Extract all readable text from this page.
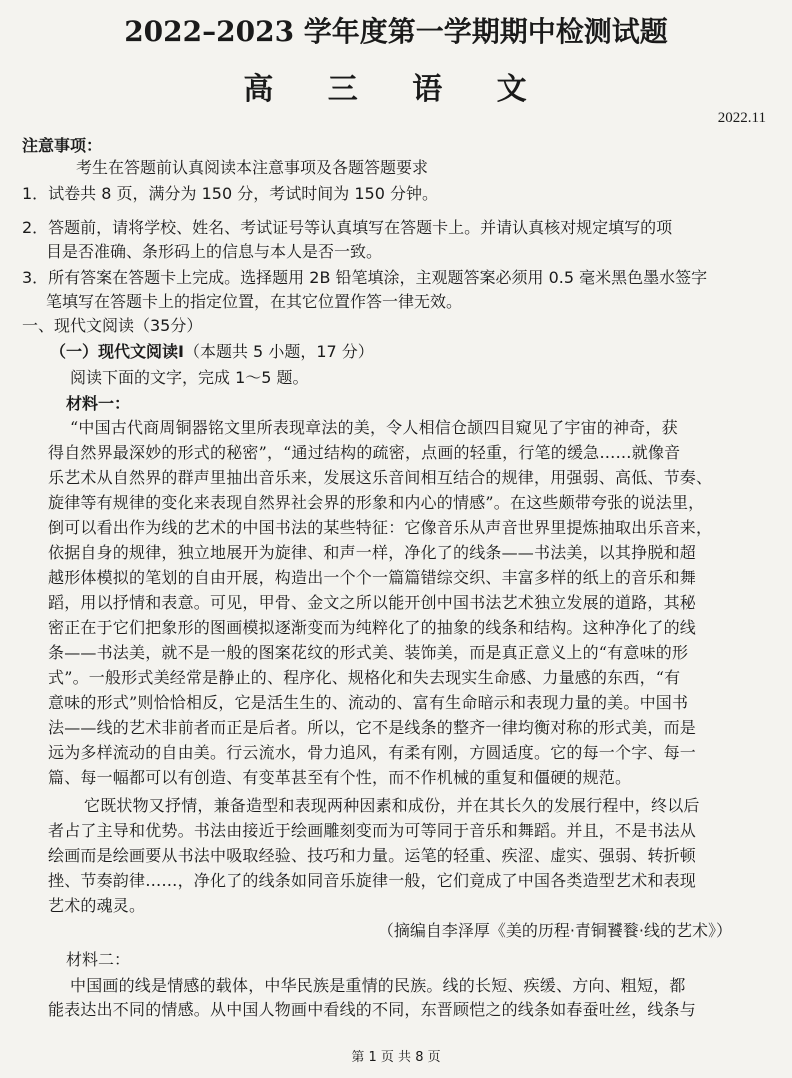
2022–2023 学年度第一学期期中检测试题
高 三 语 文
2022.11
注意事项：
考生在答题前认真阅读本注意事项及各题答题要求
1．试卷共 8 页，满分为 150 分，考试时间为 150 分钟。
2．答题前，请将学校、姓名、考试证号等认真填写在答题卡上。并请认真核对规定填写的项
目是否准确、条形码上的信息与本人是否一致。
3．所有答案在答题卡上完成。选择题用 2B 铅笔填涂，主观题答案必须用 0.5 毫米黑色墨水签字
笔填写在答题卡上的指定位置，在其它位置作答一律无效。
一、现代文阅读（35分）
（一）现代文阅读Ⅰ（本题共 5 小题，17 分）
阅读下面的文字，完成 1～5 题。
材料一：
“中国古代商周铜器铭文里所表现章法的美，令人相信仓颉四目窥见了宇宙的神奇，获
得自然界最深妙的形式的秘密”，“通过结构的疏密，点画的轻重，行笔的缓急……就像音
乐艺术从自然界的群声里抽出音乐来，发展这乐音间相互结合的规律，用强弱、高低、节奏、
旋律等有规律的变化来表现自然界社会界的形象和内心的情感”。在这些颇带夸张的说法里，
倒可以看出作为线的艺术的中国书法的某些特征：它像音乐从声音世界里提炼抽取出乐音来，
依据自身的规律，独立地展开为旋律、和声一样，净化了的线条——书法美，以其挣脱和超
越形体模拟的笔划的自由开展，构造出一个个一篇篇错综交织、丰富多样的纸上的音乐和舞
蹈，用以抒情和表意。可见，甲骨、金文之所以能开创中国书法艺术独立发展的道路，其秘
密正在于它们把象形的图画模拟逐渐变而为纯粹化了的抽象的线条和结构。这种净化了的线
条——书法美，就不是一般的图案花纹的形式美、装饰美，而是真正意义上的“有意味的形
式”。一般形式美经常是静止的、程序化、规格化和失去现实生命感、力量感的东西，“有
意味的形式”则恰恰相反，它是活生生的、流动的、富有生命暗示和表现力量的美。中国书
法——线的艺术非前者而正是后者。所以，它不是线条的整齐一律均衡对称的形式美，而是
远为多样流动的自由美。行云流水，骨力追风，有柔有刚，方圆适度。它的每一个字、每一
篇、每一幅都可以有创造、有变革甚至有个性，而不作机械的重复和僵硬的规范。
它既状物又抒情，兼备造型和表现两种因素和成份，并在其长久的发展行程中，终以后
者占了主导和优势。书法由接近于绘画雕刻变而为可等同于音乐和舞蹈。并且，不是书法从
绘画而是绘画要从书法中吸取经验、技巧和力量。运笔的轻重、疾涩、虚实、强弱、转折顿
挫、节奏韵律……，净化了的线条如同音乐旋律一般，它们竟成了中国各类造型艺术和表现
艺术的魂灵。
（摘编自李泽厚《美的历程·青铜饕餮·线的艺术》）
材料二：
中国画的线是情感的载体，中华民族是重情的民族。线的长短、疾缓、方向、粗短，都
能表达出不同的情感。从中国人物画中看线的不同，东晋顾恺之的线条如春蚕吐丝，线条与
第 1 页 共 8 页
